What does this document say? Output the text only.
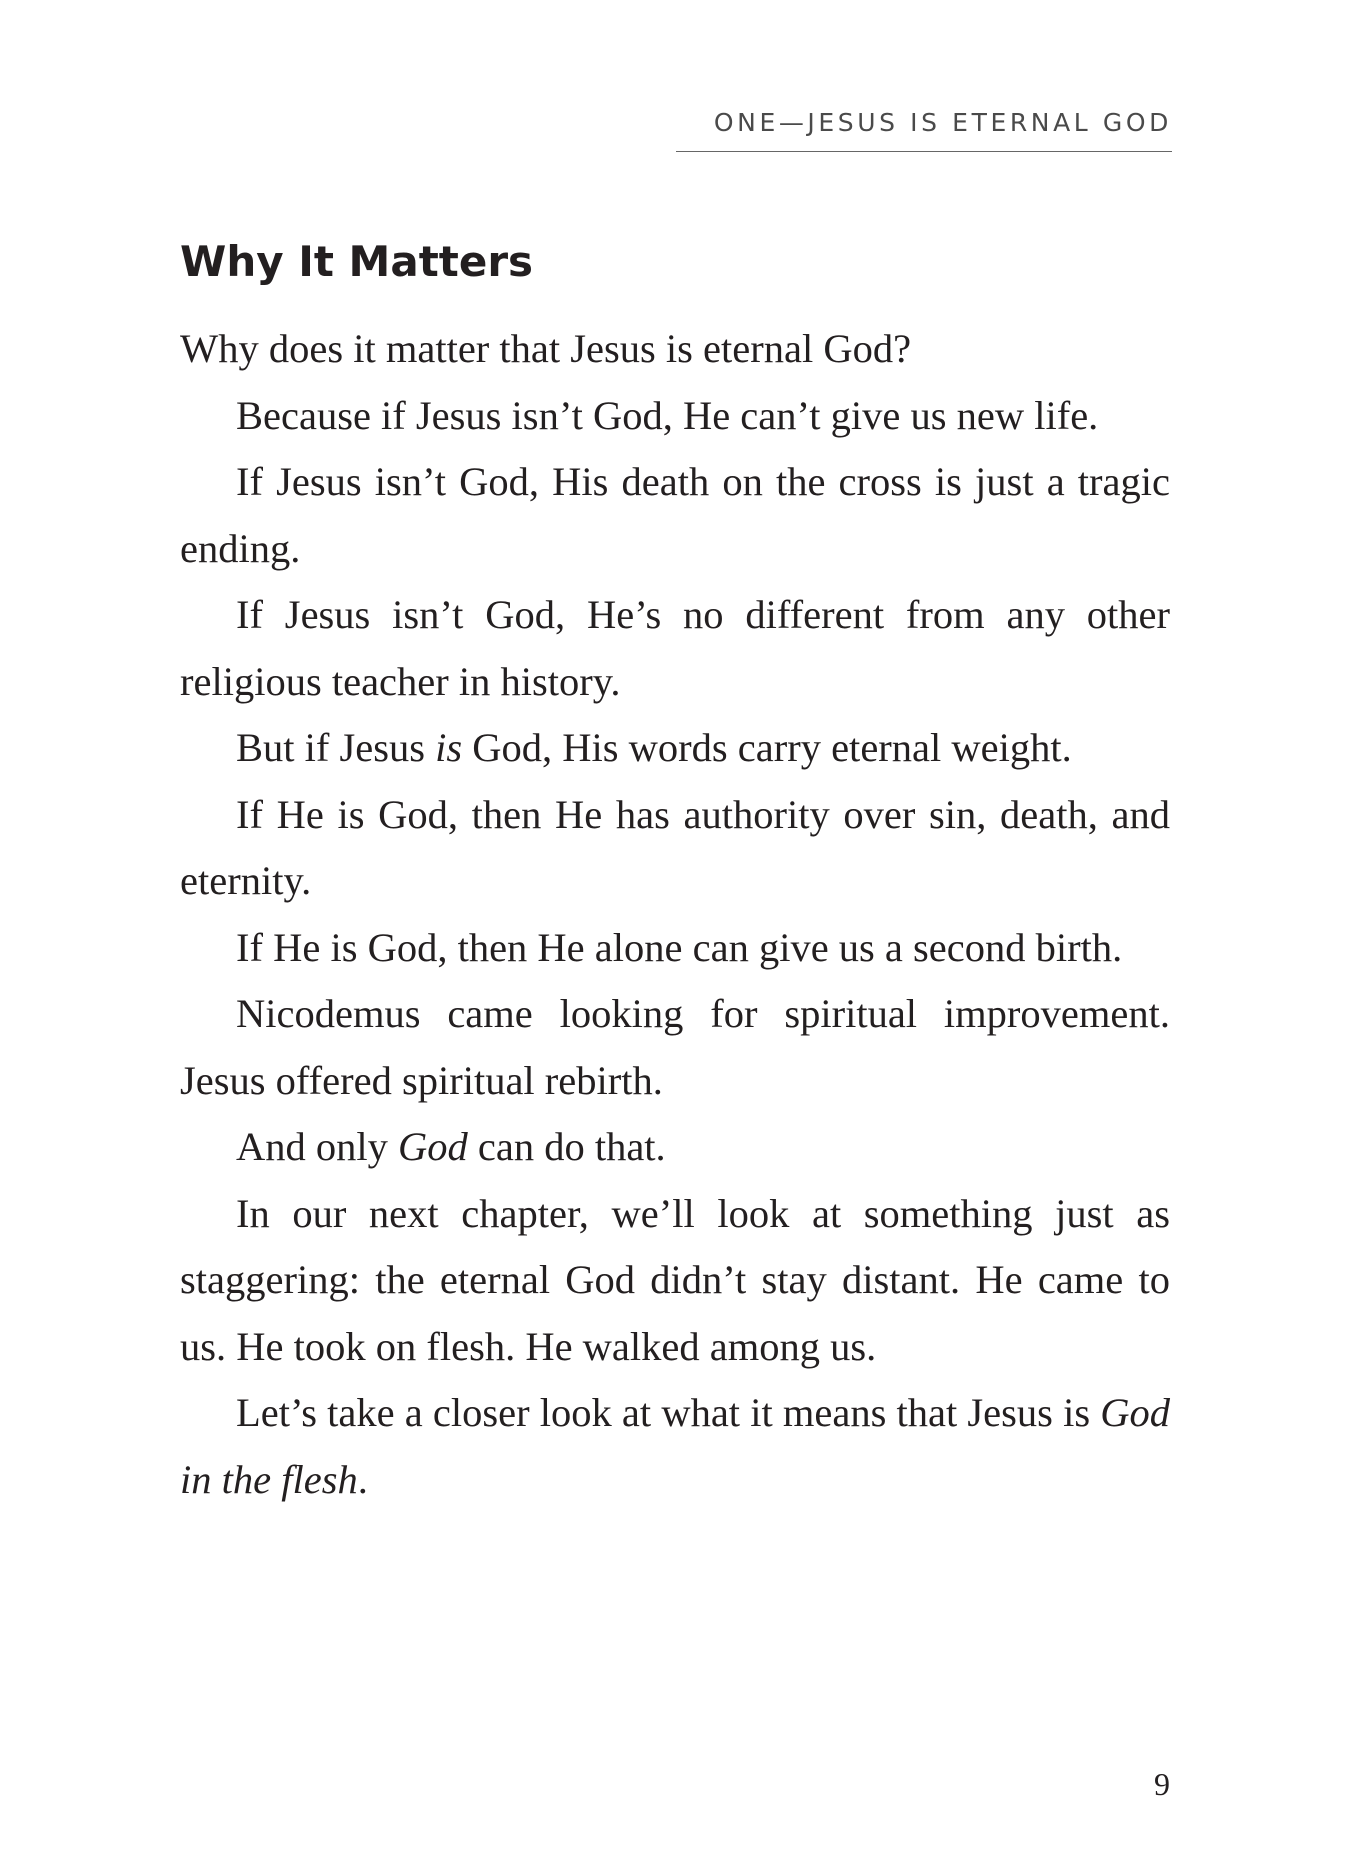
ONE—JESUS IS ETERNAL GOD
Why It Matters

Why does it matter that Jesus is eternal God?

Because if Jesus isn’t God, He can’t give us new life.

If Jesus isn’t God, His death on the cross is just a tragic ending.

If Jesus isn’t God, He’s no different from any other religious teacher in history.

But if Jesus is God, His words carry eternal weight.

If He is God, then He has authority over sin, death, and eternity.

If He is God, then He alone can give us a second birth.

Nicodemus came looking for spiritual improvement. Jesus offered spiritual rebirth.

And only God can do that.

In our next chapter, we’ll look at something just as staggering: the eternal God didn’t stay distant. He came to us. He took on flesh. He walked among us.

Let’s take a closer look at what it means that Jesus is God in the flesh.

9
